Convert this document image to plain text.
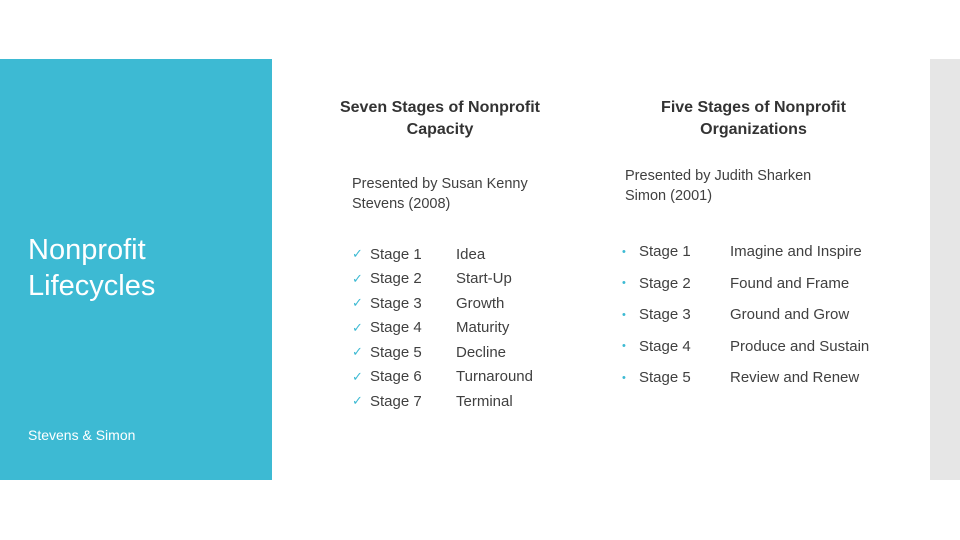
Nonprofit Lifecycles
Stevens & Simon
Seven Stages of Nonprofit Capacity
Presented by Susan Kenny Stevens (2008)
✓ Stage 1	Idea
✓ Stage 2	Start-Up
✓ Stage 3	Growth
✓ Stage 4	Maturity
✓ Stage 5	Decline
✓ Stage 6	Turnaround
✓ Stage 7	Terminal
Five Stages of Nonprofit Organizations
Presented by Judith Sharken Simon (2001)
• Stage 1	Imagine and Inspire
• Stage 2	Found and Frame
• Stage 3	Ground and Grow
• Stage 4	Produce and Sustain
• Stage 5	Review and Renew
